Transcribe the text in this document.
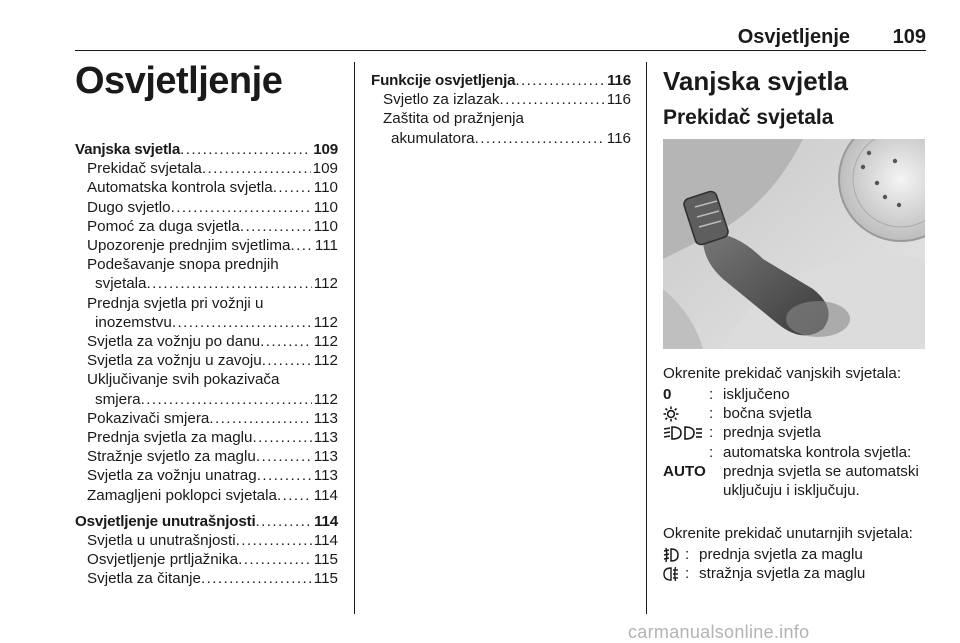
Osvjetljenje 109
Osvjetljenje
Vanjska svjetla . . .	109
Prekidač svjetala . . .	109
Automatska kontrola svjetla . . .	110
Dugo svjetlo . . .	110
Pomoć za duga svjetla . . .	110
Upozorenje prednjim svjetlima . . . 111
Podešavanje snopa prednjih
svjetala . . .	112
Prednja svjetla pri vožnji u
inozemstvu . . .	112
Svjetla za vožnju po danu . . .	112
Svjetla za vožnju u zavoju . . .	112
Uključivanje svih pokazivača
smjera . . .	112
Pokazivači smjera . . .	113
Prednja svjetla za maglu . . .	113
Stražnje svjetlo za maglu . . .	113
Svjetla za vožnju unatrag . . .	113
Zamagljeni poklopci svjetala . . . 114
Osvjetljenje unutrašnjosti . . .	114
Svjetla u unutrašnjosti . . .	114
Osvjetljenje prtljažnika . . .	115
Svjetla za čitanje . . .	115
Funkcije osvjetljenja . . .	116
Svjetlo za izlazak . . .	116
Zaštita od pražnjenja
akumulatora . . .	116
Vanjska svjetla
Prekidač svjetala
Okrenite prekidač vanjskih svjetala:
0	: isključeno
: bočna svjetla
: prednja svjetla
AUTO
: automatska kontrola svjetla: prednja svjetla se automatski uključuju i isključuju.
Okrenite prekidač unutarnjih svjetala:
: prednja svjetla za maglu
: stražnja svjetla za maglu
carmanualsonline.info
